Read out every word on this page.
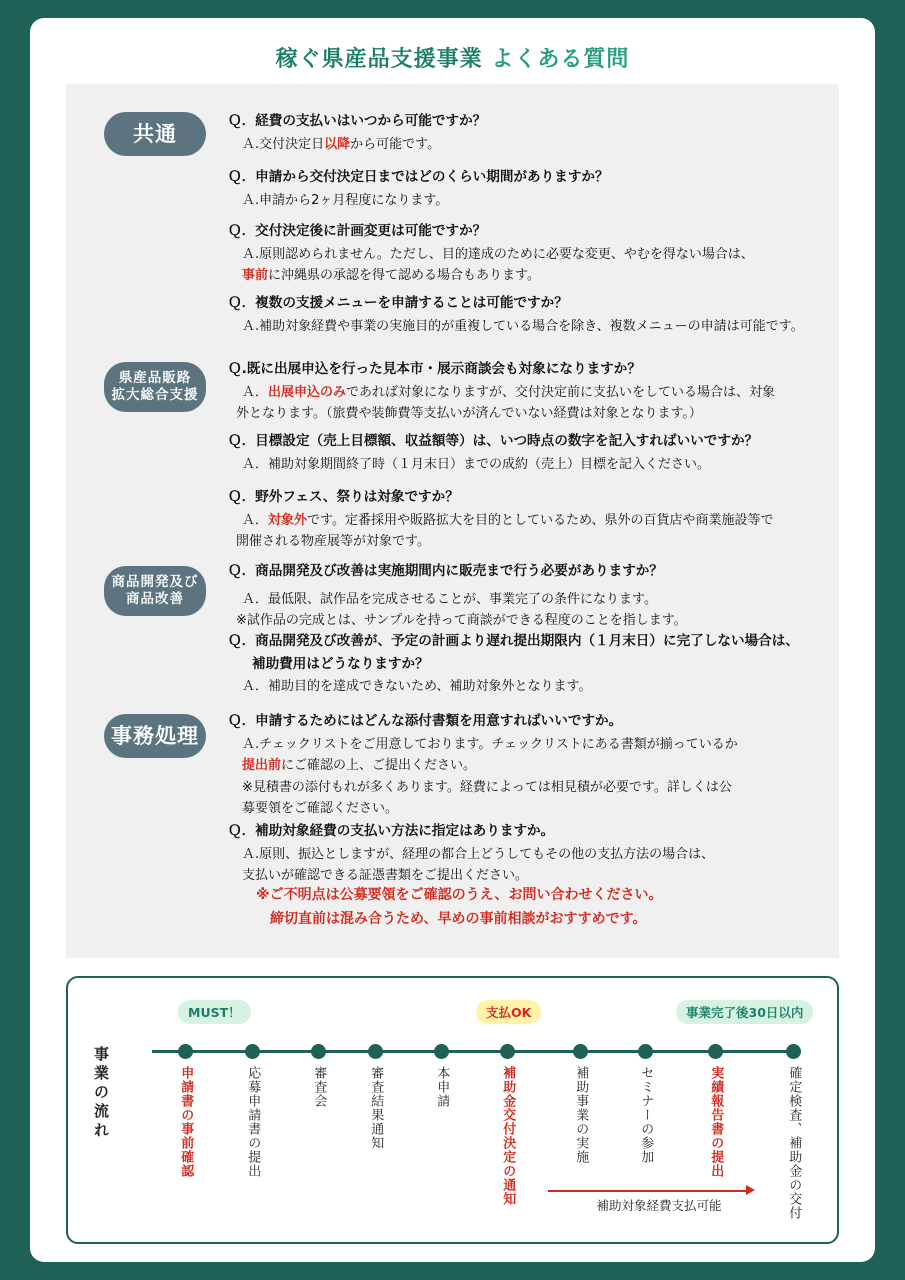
稼ぐ県産品支援事業 よくある質問
共通
県産品販路
拡大総合支援
商品開発及び
商品改善
事務処理
Ｑ．経費の支払いはいつから可能ですか？
Ａ.交付決定日以降から可能です。
Ｑ．申請から交付決定日まではどのくらい期間がありますか？
Ａ.申請から2ヶ月程度になります。
Ｑ．交付決定後に計画変更は可能ですか？
Ａ.原則認められません。ただし、目的達成のために必要な変更、やむを得ない場合は、
事前に沖縄県の承認を得て認める場合もあります。
Ｑ．複数の支援メニューを申請することは可能ですか？
Ａ.補助対象経費や事業の実施目的が重複している場合を除き、複数メニューの申請は可能です。
Ｑ.既に出展申込を行った見本市・展示商談会も対象になりますか？
Ａ．出展申込のみであれば対象になりますが、交付決定前に支払いをしている場合は、対象
外となります。（旅費や装飾費等支払いが済んでいない経費は対象となります。）
Ｑ．目標設定（売上目標額、収益額等）は、いつ時点の数字を記入すればいいですか？
Ａ．補助対象期間終了時（１月末日）までの成約（売上）目標を記入ください。
Ｑ．野外フェス、祭りは対象ですか？
Ａ．対象外です。定番採用や販路拡大を目的としているため、県外の百貨店や商業施設等で
開催される物産展等が対象です。
Ｑ．商品開発及び改善は実施期間内に販売まで行う必要がありますか？
Ａ．最低限、試作品を完成させることが、事業完了の条件になります。
※試作品の完成とは、サンプルを持って商談ができる程度のことを指します。
Ｑ．商品開発及び改善が、予定の計画より遅れ提出期限内（１月末日）に完了しない場合は、
補助費用はどうなりますか？
Ａ．補助目的を達成できないため、補助対象外となります。
Ｑ．申請するためにはどんな添付書類を用意すればいいですか。
Ａ.チェックリストをご用意しております。チェックリストにある書類が揃っているか
提出前にご確認の上、ご提出ください。
※見積書の添付もれが多くあります。経費によっては相見積が必要です。詳しくは公
募要領をご確認ください。
Ｑ．補助対象経費の支払い方法に指定はありますか。
Ａ.原則、振込としますが、経理の都合上どうしてもその他の支払方法の場合は、
支払いが確認できる証憑書類をご提出ください。
※ご不明点は公募要領をご確認のうえ、お問い合わせください。
締切直前は混み合うため、早めの事前相談がおすすめです。
事業の流れ
MUST！	支払OK	事業完了後30日以内
申請書の事前確認	応募申請書の提出	審査会	審査結果通知	本申請	補助金交付決定の通知	補助事業の実施	セミナーの参加	実績報告書の提出	確定検査、補助金の交付
補助対象経費支払可能
